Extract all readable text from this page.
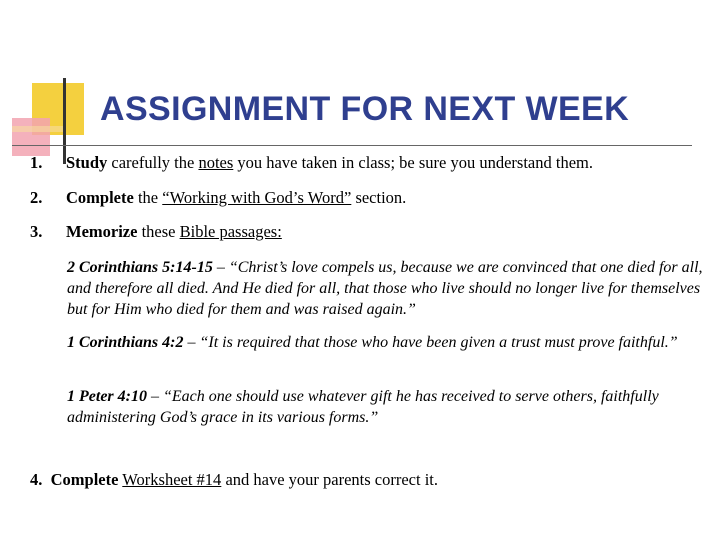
ASSIGNMENT FOR NEXT WEEK
1. Study carefully the notes you have taken in class; be sure you understand them.
2. Complete the “Working with God’s Word” section.
3. Memorize these Bible passages:
2 Corinthians 5:14-15 – “Christ’s love compels us, because we are convinced that one died for all, and therefore all died. And He died for all, that those who live should no longer live for themselves but for Him who died for them and was raised again.”
1 Corinthians 4:2 – “It is required that those who have been given a trust must prove faithful.”
1 Peter 4:10 – “Each one should use whatever gift he has received to serve others, faithfully administering God’s grace in its various forms.”
4. Complete Worksheet #14 and have your parents correct it.
